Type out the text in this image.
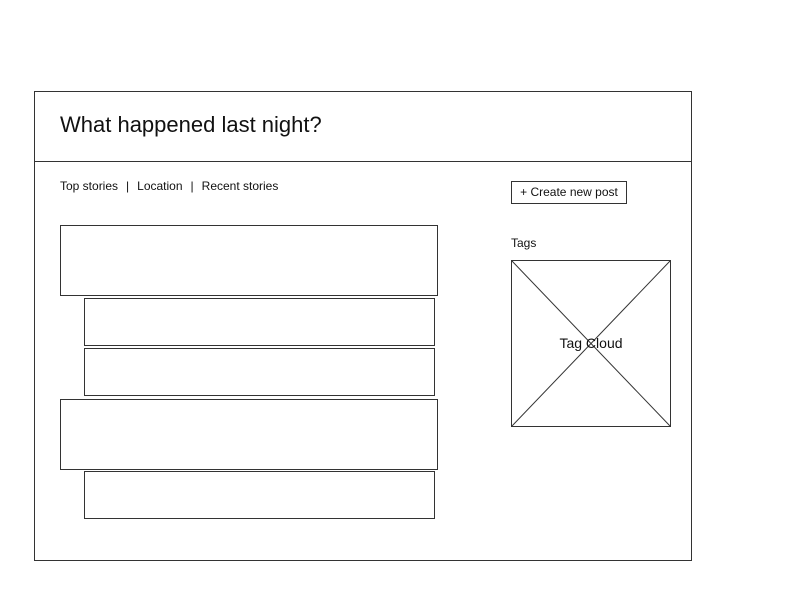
What happened last night?
Top stories | Location | Recent stories	+ Create new post
Tags
Tag Cloud
